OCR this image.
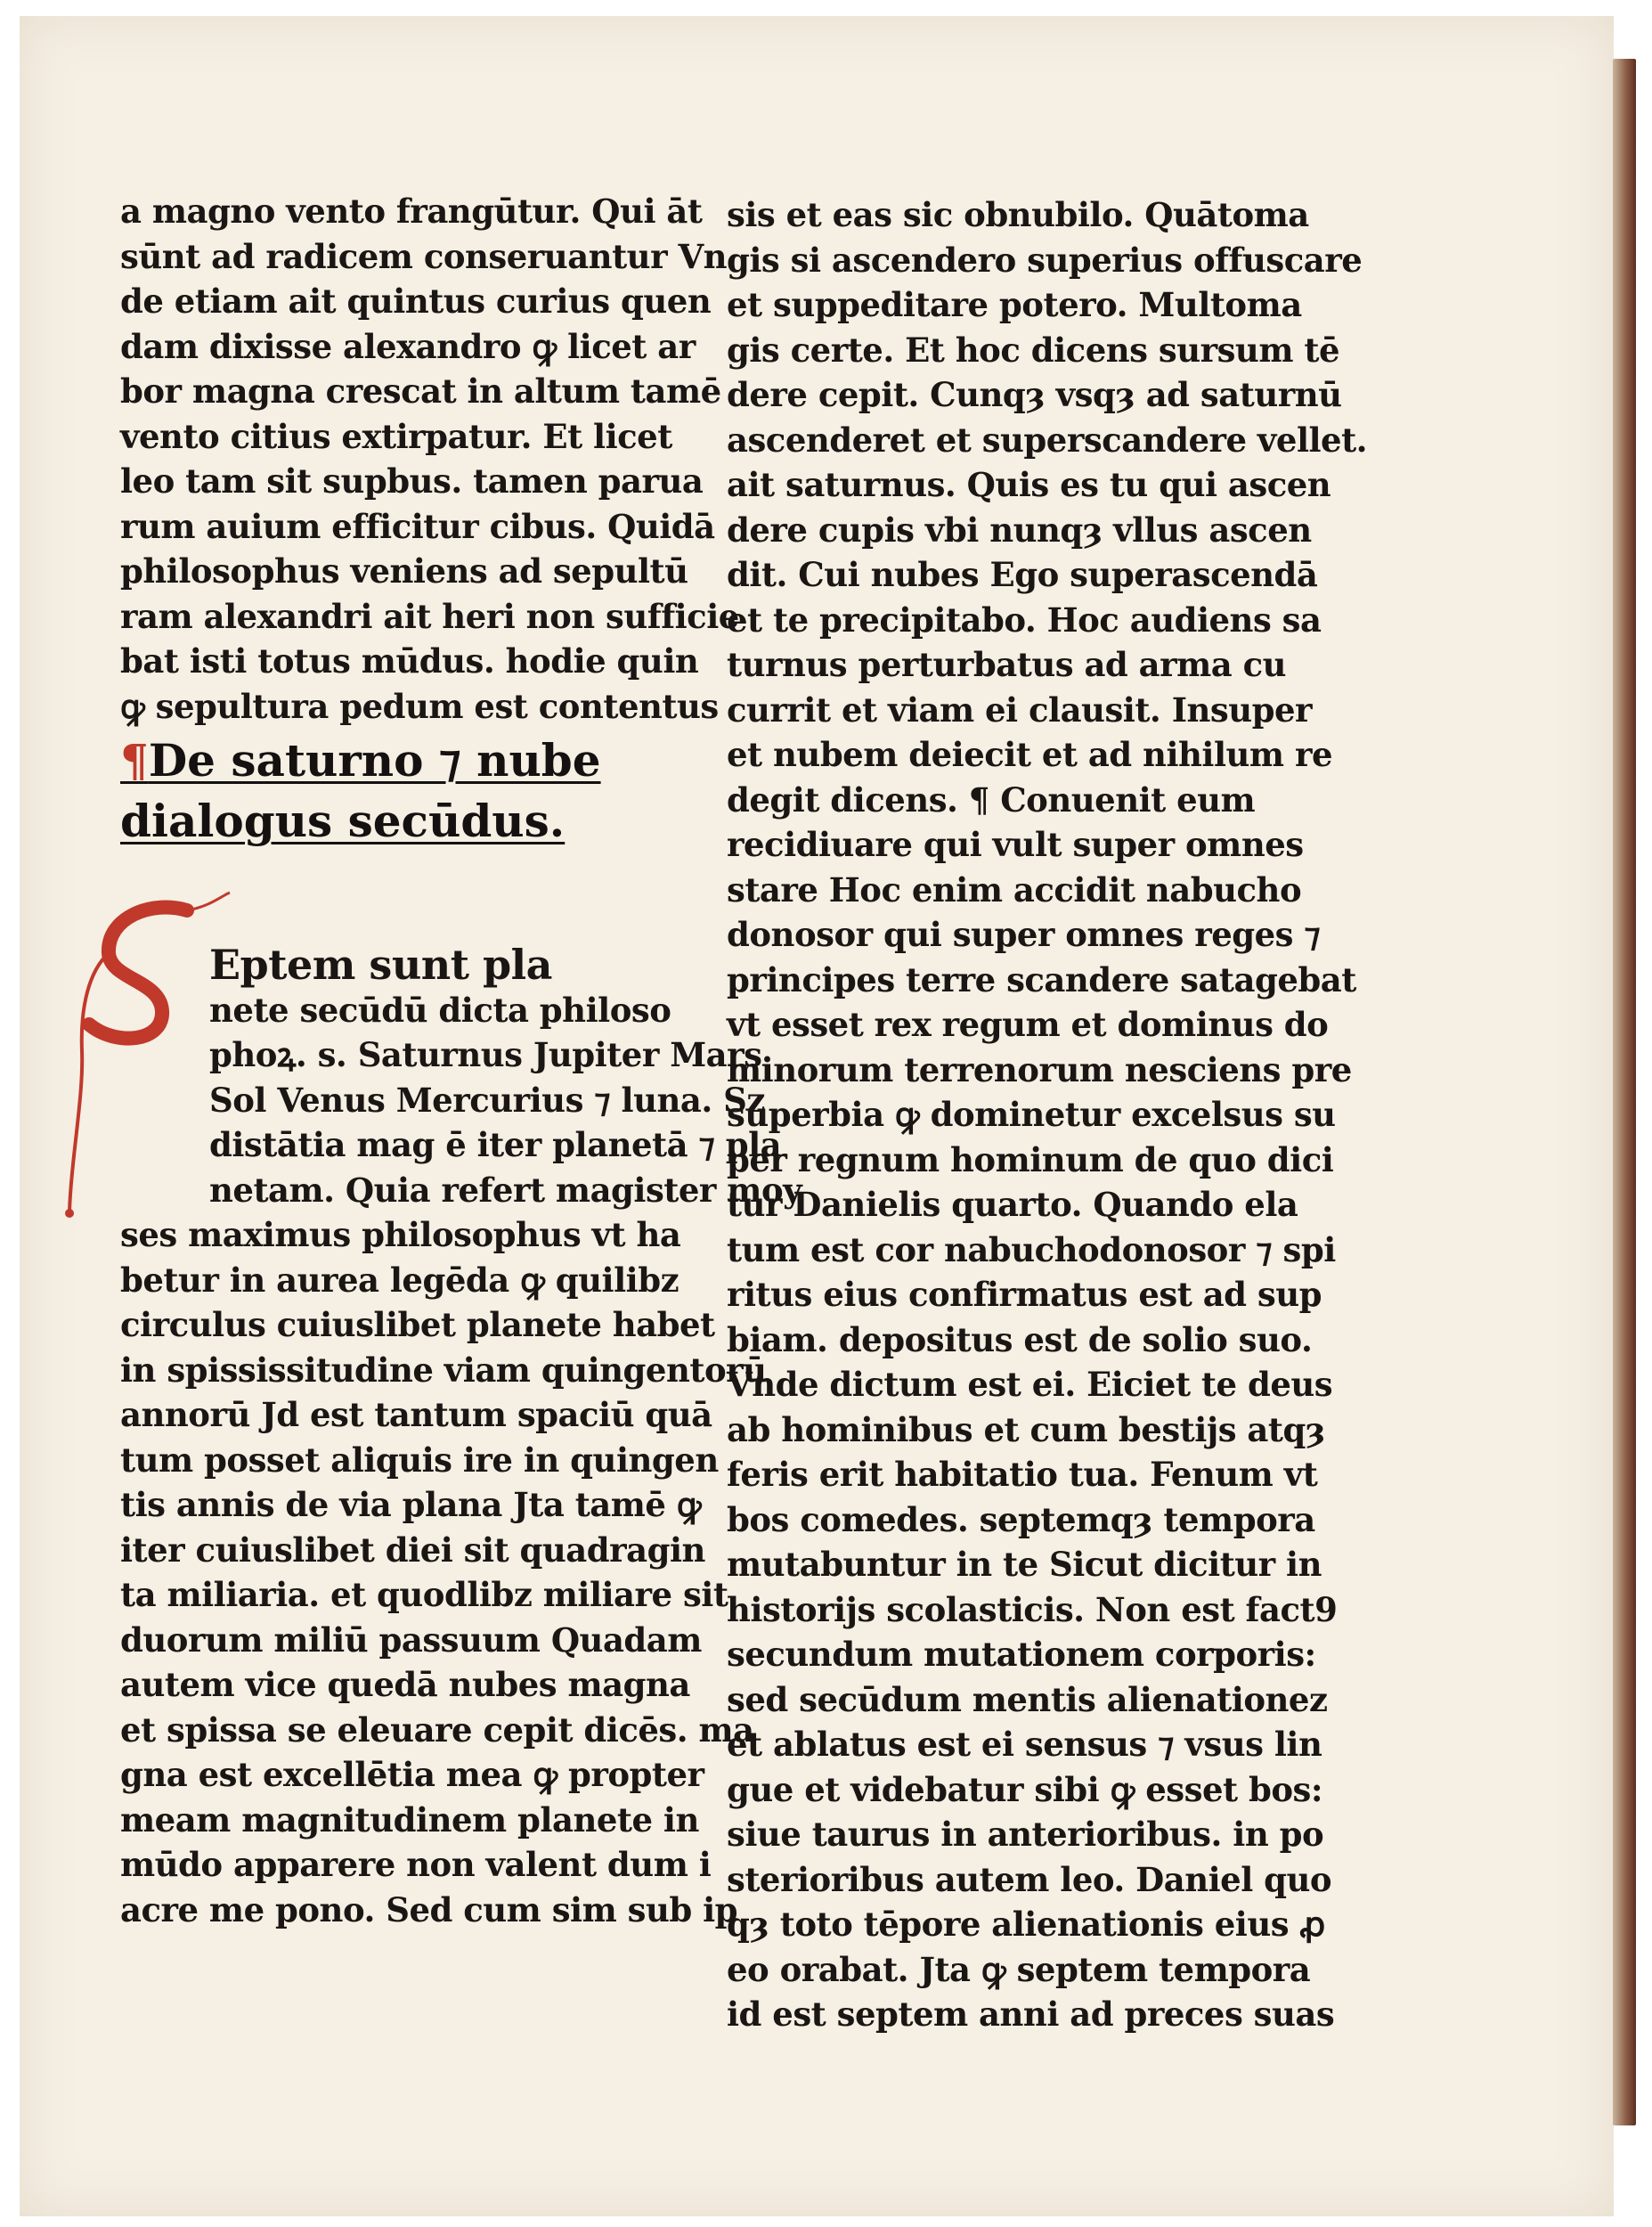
a magno vento frangūtur. Qui āt
sūnt ad radicem conseruantur Vn
de etiam ait quintus curius quen
dam dixisse alexandro ꝙ licet ar
bor magna crescat in altum tamē
vento citius extirpatur. Et licet
leo tam sit supbus. tamen parua
rum auium efficitur cibus. Quidā
philosophus veniens ad sepultū
ram alexandri ait heri non sufficie
bat isti totus mūdus. hodie quin
ꝙ sepultura pedum est contentus
¶De saturno ⁊ nube
dialogus secūdus.
Eptem sunt pla
nete secūdū dicta philoso
phoꝝ. s. Saturnus Jupiter Mars
Sol Venus Mercurius ⁊ luna. Sz
distātia mag ē iter planetā ⁊ pla
netam. Quia refert magister moy
ses maximus philosophus vt ha
betur in aurea legēda ꝙ quilibz
circulus cuiuslibet planete habet
in spississitudine viam quingentorū
annorū Jd est tantum spaciū quā
tum posset aliquis ire in quingen
tis annis de via plana Jta tamē ꝙ
iter cuiuslibet diei sit quadragin
ta miliaria. et quodlibz miliare sit
duorum miliū passuum Quadam
autem vice quedā nubes magna
et spissa se eleuare cepit dicēs. ma
gna est excellētia mea ꝙ propter
meam magnitudinem planete in
mūdo apparere non valent dum i
acre me pono. Sed cum sim sub ip
sis et eas sic obnubilo. Quātoma
gis si ascendero superius offuscare
et suppeditare potero. Multoma
gis certe. Et hoc dicens sursum tē
dere cepit. Cunqȝ vsqȝ ad saturnū
ascenderet et superscandere vellet.
ait saturnus. Quis es tu qui ascen
dere cupis vbi nunqȝ vllus ascen
dit. Cui nubes Ego superascendā
et te precipitabo. Hoc audiens sa
turnus perturbatus ad arma cu
currit et viam ei clausit. Insuper
et nubem deiecit et ad nihilum re
degit dicens. ¶ Conuenit eum
recidiuare qui vult super omnes
stare Hoc enim accidit nabucho
donosor qui super omnes reges ⁊
principes terre scandere satagebat
vt esset rex regum et dominus do
minorum terrenorum nesciens pre
superbia ꝙ dominetur excelsus su
per regnum hominum de quo dici
tur Danielis quarto. Quando ela
tum est cor nabuchodonosor ⁊ spi
ritus eius confirmatus est ad sup
biam. depositus est de solio suo.
Vnde dictum est ei. Eiciet te deus
ab hominibus et cum bestijs atqȝ
feris erit habitatio tua. Fenum vt
bos comedes. septemqȝ tempora
mutabuntur in te Sicut dicitur in
historijs scolasticis. Non est fact9
secundum mutationem corporis:
sed secūdum mentis alienationez
et ablatus est ei sensus ⁊ vsus lin
gue et videbatur sibi ꝙ esset bos:
siue taurus in anterioribus. in po
sterioribus autem leo. Daniel quo
qȝ toto tēpore alienationis eius ꝓ
eo orabat. Jta ꝙ septem tempora
id est septem anni ad preces suas
